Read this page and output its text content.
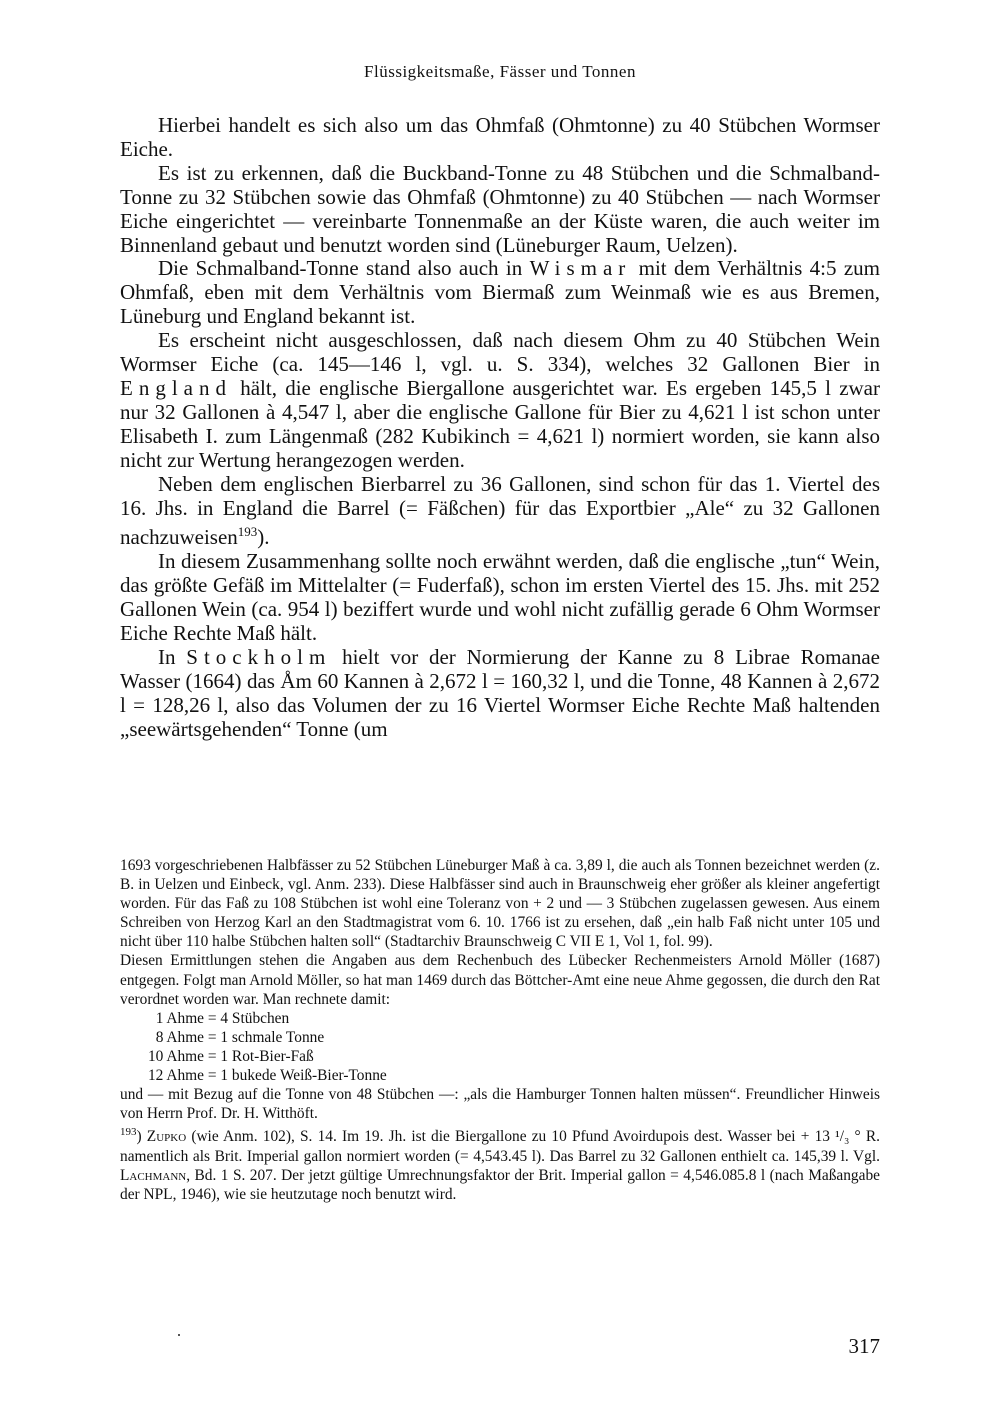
Flüssigkeitsmaße, Fässer und Tonnen

Hierbei handelt es sich also um das Ohmfaß (Ohmtonne) zu 40 Stübchen Wormser Eiche.

Es ist zu erkennen, daß die Buckband-Tonne zu 48 Stübchen und die Schmalband-Tonne zu 32 Stübchen sowie das Ohmfaß (Ohmtonne) zu 40 Stübchen — nach Wormser Eiche eingerichtet — vereinbarte Tonnenmaße an der Küste waren, die auch weiter im Binnenland gebaut und benutzt worden sind (Lüneburger Raum, Uelzen).

Die Schmalband-Tonne stand also auch in Wismar mit dem Verhältnis 4:5 zum Ohmfaß, eben mit dem Verhältnis vom Biermaß zum Weinmaß wie es aus Bremen, Lüneburg und England bekannt ist.

Es erscheint nicht ausgeschlossen, daß nach diesem Ohm zu 40 Stübchen Wein Wormser Eiche (ca. 145—146 l, vgl. u. S. 334), welches 32 Gallonen Bier in England hält, die englische Biergallone ausgerichtet war. Es ergeben 145,5 l zwar nur 32 Gallonen à 4,547 l, aber die englische Gallone für Bier zu 4,621 l ist schon unter Elisabeth I. zum Längenmaß (282 Kubikinch = 4,621 l) normiert worden, sie kann also nicht zur Wertung herangezogen werden.

Neben dem englischen Bierbarrel zu 36 Gallonen, sind schon für das 1. Viertel des 16. Jhs. in England die Barrel (= Fäßchen) für das Exportbier „Ale“ zu 32 Gallonen nachzuweisen$^{193}$).

In diesem Zusammenhang sollte noch erwähnt werden, daß die englische „tun“ Wein, das größte Gefäß im Mittelalter (= Fuderfaß), schon im ersten Viertel des 15. Jhs. mit 252 Gallonen Wein (ca. 954 l) beziffert wurde und wohl nicht zufällig gerade 6 Ohm Wormser Eiche Rechte Maß hält.

In Stockholm hielt vor der Normierung der Kanne zu 8 Librae Romanae Wasser (1664) das Åm 60 Kannen à 2,672 l = 160,32 l, und die Tonne, 48 Kannen à 2,672 l = 128,26 l, also das Volumen der zu 16 Viertel Wormser Eiche Rechte Maß haltenden „seewärtsgehenden“ Tonne (um

1693 vorgeschriebenen Halbfässer zu 52 Stübchen Lüneburger Maß à ca. 3,89 l, die auch als Tonnen bezeichnet werden (z. B. in Uelzen und Einbeck, vgl. Anm. 233). Diese Halbfässer sind auch in Braunschweig eher größer als kleiner angefertigt worden. Für das Faß zu 108 Stübchen ist wohl eine Toleranz von + 2 und — 3 Stübchen zugelassen gewesen. Aus einem Schreiben von Herzog Karl an den Stadtmagistrat vom 6. 10. 1766 ist zu ersehen, daß „ein halb Faß nicht unter 105 und nicht über 110 halbe Stübchen halten soll“ (Stadtarchiv Braunschweig C VII E 1, Vol 1, fol. 99).

Diesen Ermittlungen stehen die Angaben aus dem Rechenbuch des Lübecker Rechenmeisters Arnold Möller (1687) entgegen. Folgt man Arnold Möller, so hat man 1469 durch das Böttcher-Amt eine neue Ahme gegossen, die durch den Rat verordnet worden war. Man rechnete damit:

1 Ahme = 4 Stübchen
8 Ahme = 1 schmale Tonne
10 Ahme = 1 Rot-Bier-Faß
12 Ahme = 1 bukede Weiß-Bier-Tonne

und — mit Bezug auf die Tonne von 48 Stübchen —: „als die Hamburger Tonnen halten müssen“. Freundlicher Hinweis von Herrn Prof. Dr. H. Witthöft.

$^{193}$) Zupko (wie Anm. 102), S. 14. Im 19. Jh. ist die Biergallone zu 10 Pfund Avoirdupois dest. Wasser bei + 13 ¹/₃ ° R. namentlich als Brit. Imperial gallon normiert worden (= 4,543.45 l). Das Barrel zu 32 Gallonen enthielt ca. 145,39 l. Vgl. Lachmann, Bd. 1 S. 207. Der jetzt gültige Umrechnungsfaktor der Brit. Imperial gallon = 4,546.085.8 l (nach Maßangabe der NPL, 1946), wie sie heutzutage noch benutzt wird.

317
